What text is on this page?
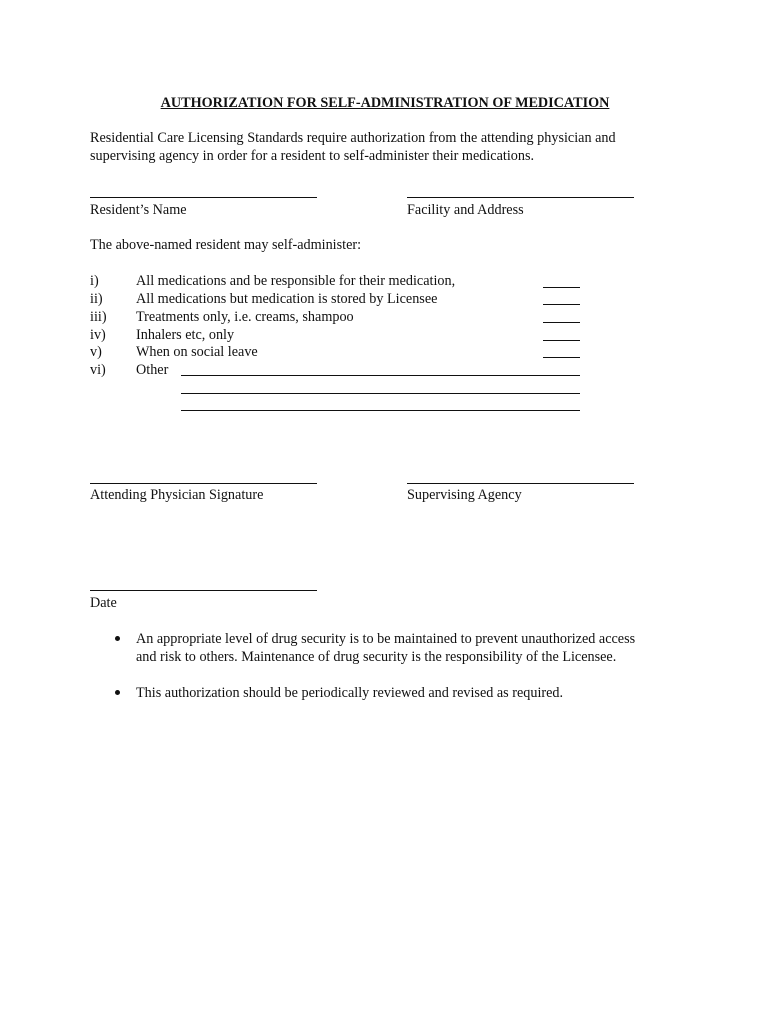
AUTHORIZATION FOR SELF-ADMINISTRATION OF MEDICATION
Residential Care Licensing Standards require authorization from the attending physician and
supervising agency in order for a resident to self-administer their medications.
Resident’s Name	Facility and Address
The above-named resident may self-administer:
i)	All medications and be responsible for their medication,
ii) All medications but medication is stored by Licensee
iii) Treatments only, i.e. creams, shampoo
iv) Inhalers etc, only
v) When on social leave
vi) Other
Attending Physician Signature	Supervising Agency
Date
An appropriate level of drug security is to be maintained to prevent unauthorized access
and risk to others. Maintenance of drug security is the responsibility of the Licensee.
This authorization should be periodically reviewed and revised as required.
